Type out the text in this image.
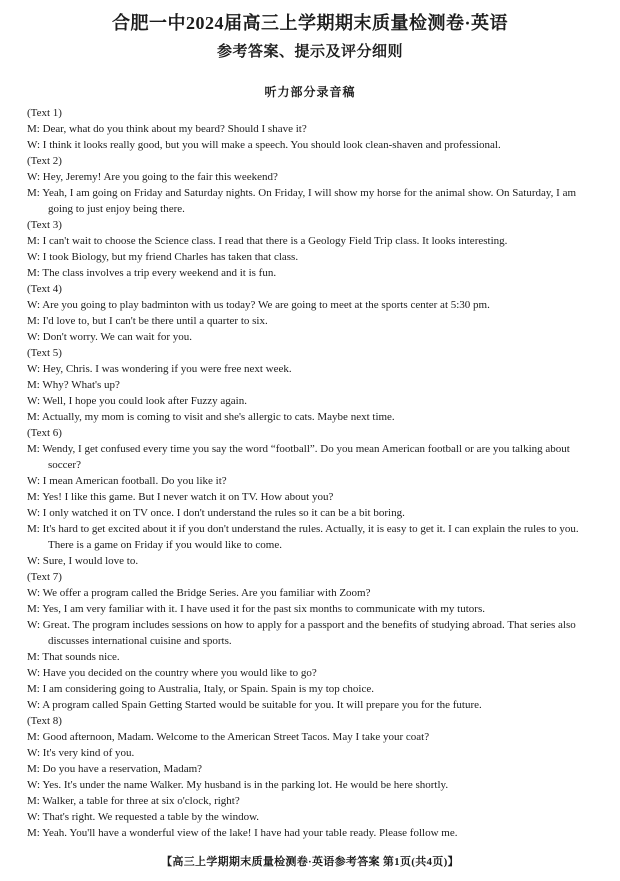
合肥一中2024届高三上学期期末质量检测卷·英语
参考答案、提示及评分细则
听力部分录音稿
(Text 1)
M: Dear, what do you think about my beard? Should I shave it?
W: I think it looks really good, but you will make a speech. You should look clean-shaven and professional.
(Text 2)
W: Hey, Jeremy! Are you going to the fair this weekend?
M: Yeah, I am going on Friday and Saturday nights. On Friday, I will show my horse for the animal show. On Saturday, I am going to just enjoy being there.
(Text 3)
M: I can't wait to choose the Science class. I read that there is a Geology Field Trip class. It looks interesting.
W: I took Biology, but my friend Charles has taken that class.
M: The class involves a trip every weekend and it is fun.
(Text 4)
W: Are you going to play badminton with us today? We are going to meet at the sports center at 5:30 pm.
M: I'd love to, but I can't be there until a quarter to six.
W: Don't worry. We can wait for you.
(Text 5)
W: Hey, Chris. I was wondering if you were free next week.
M: Why? What's up?
W: Well, I hope you could look after Fuzzy again.
M: Actually, my mom is coming to visit and she's allergic to cats. Maybe next time.
(Text 6)
M: Wendy, I get confused every time you say the word “football”. Do you mean American football or are you talking about soccer?
W: I mean American football. Do you like it?
M: Yes! I like this game. But I never watch it on TV. How about you?
W: I only watched it on TV once. I don't understand the rules so it can be a bit boring.
M: It's hard to get excited about it if you don't understand the rules. Actually, it is easy to get it. I can explain the rules to you. There is a game on Friday if you would like to come.
W: Sure, I would love to.
(Text 7)
W: We offer a program called the Bridge Series. Are you familiar with Zoom?
M: Yes, I am very familiar with it. I have used it for the past six months to communicate with my tutors.
W: Great. The program includes sessions on how to apply for a passport and the benefits of studying abroad. That series also discusses international cuisine and sports.
M: That sounds nice.
W: Have you decided on the country where you would like to go?
M: I am considering going to Australia, Italy, or Spain. Spain is my top choice.
W: A program called Spain Getting Started would be suitable for you. It will prepare you for the future.
(Text 8)
M: Good afternoon, Madam. Welcome to the American Street Tacos. May I take your coat?
W: It's very kind of you.
M: Do you have a reservation, Madam?
W: Yes. It's under the name Walker. My husband is in the parking lot. He would be here shortly.
M: Walker, a table for three at six o'clock, right?
W: That's right. We requested a table by the window.
M: Yeah. You'll have a wonderful view of the lake! I have had your table ready. Please follow me.
【高三上学期期末质量检测卷·英语参考答案 第1页(共4页)】
